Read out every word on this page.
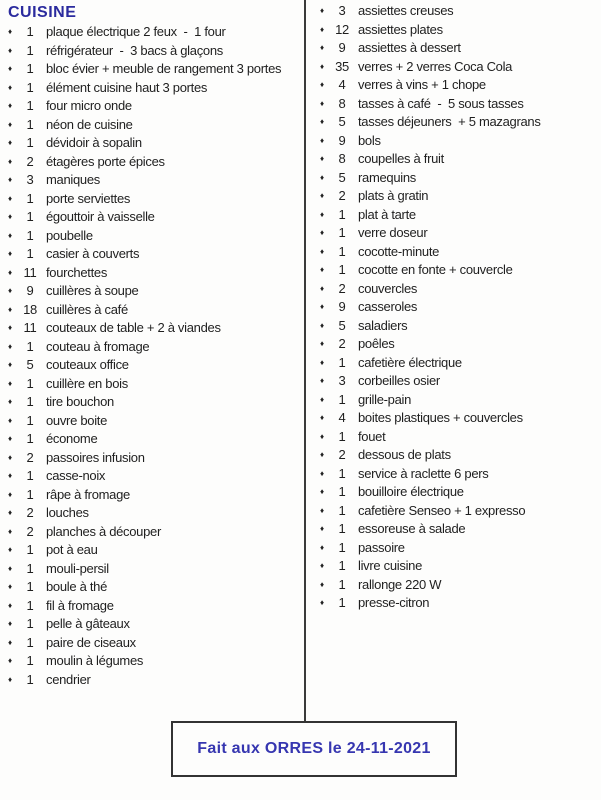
CUISINE
♦	1 plaque électrique 2 feux  -  1 four
♦	1 réfrigérateur  -  3 bacs à glaçons
♦	1 bloc évier + meuble de rangement 3 portes
♦	1 élément cuisine haut 3 portes
♦	1 four micro onde
♦	1 néon de cuisine
♦	1 dévidoir à sopalin
♦	2 étagères porte épices
♦	3 maniques
♦	1 porte serviettes
♦	1 égouttoir à vaisselle
♦	1 poubelle
♦	1 casier à couverts
♦ 11 fourchettes
♦	9 cuillères à soupe
♦ 18 cuillères à café
♦ 11 couteaux de table + 2 à viandes
♦	1 couteau à fromage
♦	5 couteaux office
♦	1 cuillère en bois
♦	1 tire bouchon
♦	1 ouvre boite
♦	1 économe
♦	2 passoires infusion
♦	1 casse-noix
♦	1 râpe à fromage
♦	2 louches
♦	2 planches à découper
♦	1 pot à eau
♦	1 mouli-persil
♦	1 boule à thé
♦	1 fil à fromage
♦	1 pelle à gâteaux
♦	1 paire de ciseaux
♦	1 moulin à légumes
♦	1 cendrier
♦	3 assiettes creuses
♦ 12 assiettes plates
♦	9 assiettes à dessert
♦ 35 verres + 2 verres Coca Cola
♦	4 verres à vins + 1 chope
♦	8 tasses à café  -  5 sous tasses
♦	5 tasses déjeuners  + 5 mazagrans
♦	9 bols
♦	8 coupelles à fruit
♦	5 ramequins
♦	2 plats à gratin
♦	1 plat à tarte
♦	1 verre doseur
♦	1 cocotte-minute
♦	1 cocotte en fonte + couvercle
♦	2 couvercles
♦	9 casseroles
♦	5 saladiers
♦	2 poêles
♦	1 cafetière électrique
♦	3 corbeilles osier
♦	1 grille-pain
♦	4 boites plastiques + couvercles
♦	1 fouet
♦	2 dessous de plats
♦	1 service à raclette 6 pers
♦	1 bouilloire électrique
♦	1 cafetière Senseo + 1 expresso
♦	1 essoreuse à salade
♦	1 passoire
♦	1 livre cuisine
♦	1 rallonge 220 W
♦	1 presse-citron
Fait aux ORRES le 24-11-2021
